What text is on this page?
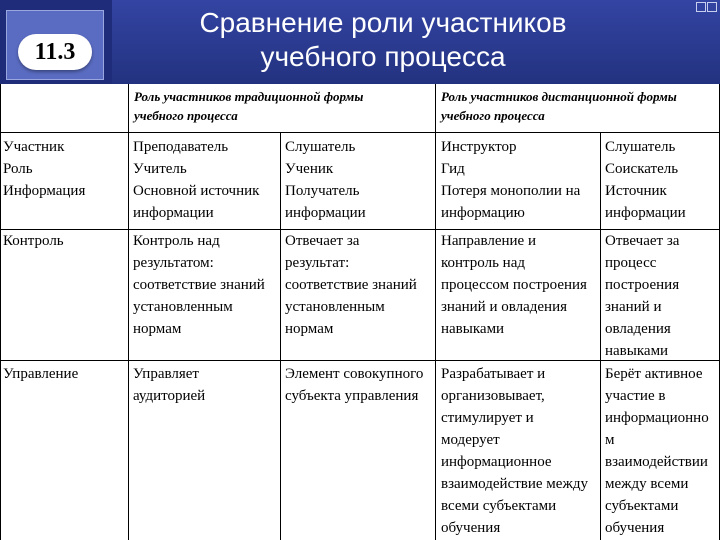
11.3
Сравнение роли участников
учебного процесса
Роль участников традиционной формы
учебного процесса
Роль участников дистанционной формы
учебного процесса
Участник
Роль
Информация
Преподаватель
Учитель
Основной источник
информации
Слушатель
Ученик
Получатель
информации
Инструктор
Гид
Потеря монополии на
информацию
Слушатель
Соискатель
Источник
информации
Контроль	Контроль над
результатом:
соответствие знаний
установленным
нормам
Отвечает за
результат:
соответствие знаний
установленным
нормам
Направление и
контроль над
процессом построения
знаний и овладения
навыками
Отвечает за
процесс
построения
знаний и
овладения
навыками
Управление	Управляет
аудиторией
Элемент совокупного
субъекта управления
Разрабатывает и
организовывает,
стимулирует и
модерует
информационное
взаимодействие между
всеми субъектами
обучения
Берёт активное
участие в
информационно
м
взаимодействии
между всеми
субъектами
обучения
